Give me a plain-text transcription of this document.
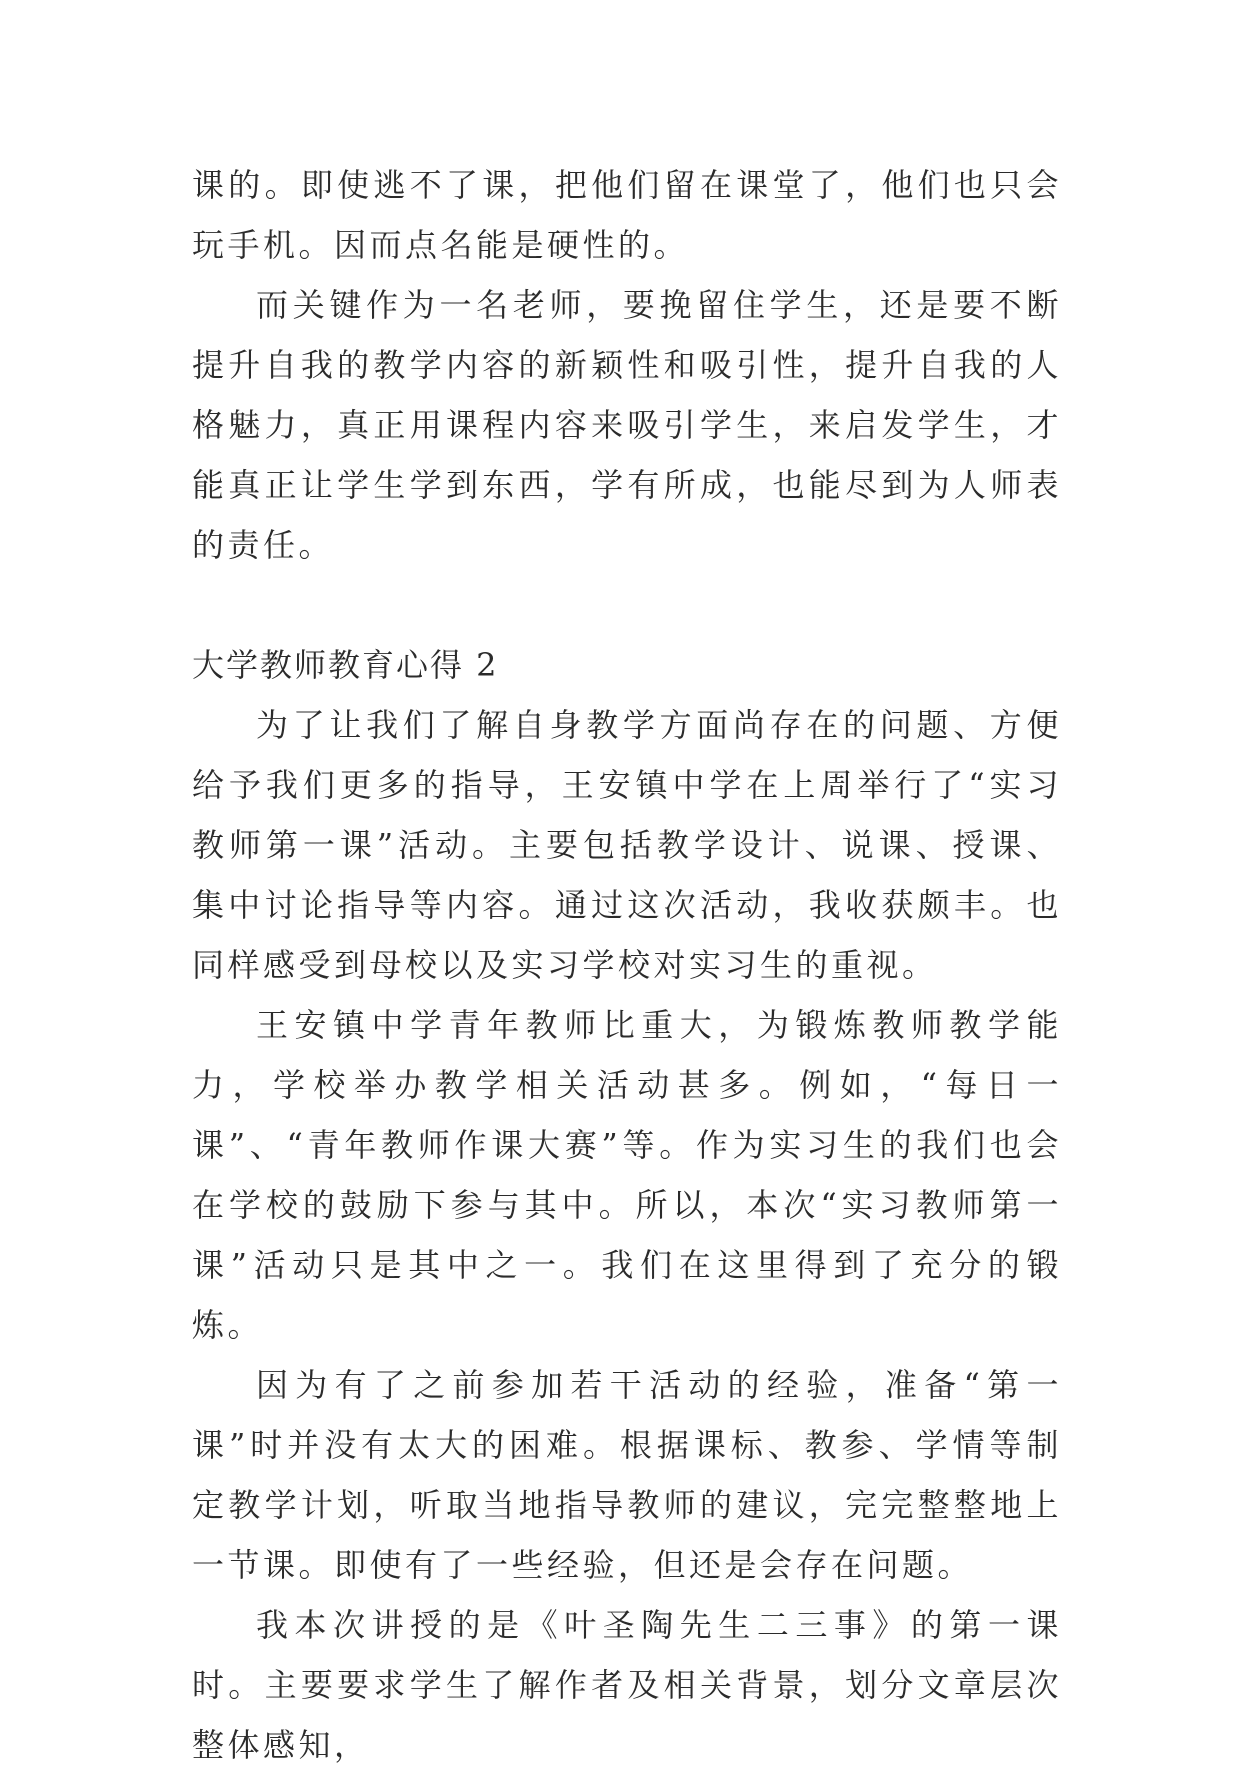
课的。即使逃不了课，把他们留在课堂了，他们也只会玩手机。因而点名能是硬性的。

而关键作为一名老师，要挽留住学生，还是要不断提升自我的教学内容的新颖性和吸引性，提升自我的人格魅力，真正用课程内容来吸引学生，来启发学生，才能真正让学生学到东西，学有所成，也能尽到为人师表的责任。

大学教师教育心得 2

为了让我们了解自身教学方面尚存在的问题、方便给予我们更多的指导，王安镇中学在上周举行了“实习教师第一课”活动。主要包括教学设计、说课、授课、集中讨论指导等内容。通过这次活动，我收获颇丰。也同样感受到母校以及实习学校对实习生的重视。

王安镇中学青年教师比重大，为锻炼教师教学能力，学校举办教学相关活动甚多。例如，“每日一课”、“青年教师作课大赛”等。作为实习生的我们也会在学校的鼓励下参与其中。所以，本次“实习教师第一课”活动只是其中之一。我们在这里得到了充分的锻炼。

因为有了之前参加若干活动的经验，准备“第一课”时并没有太大的困难。根据课标、教参、学情等制定教学计划，听取当地指导教师的建议，完完整整地上一节课。即使有了一些经验，但还是会存在问题。

我本次讲授的是《叶圣陶先生二三事》的第一课时。主要要求学生了解作者及相关背景，划分文章层次整体感知，
